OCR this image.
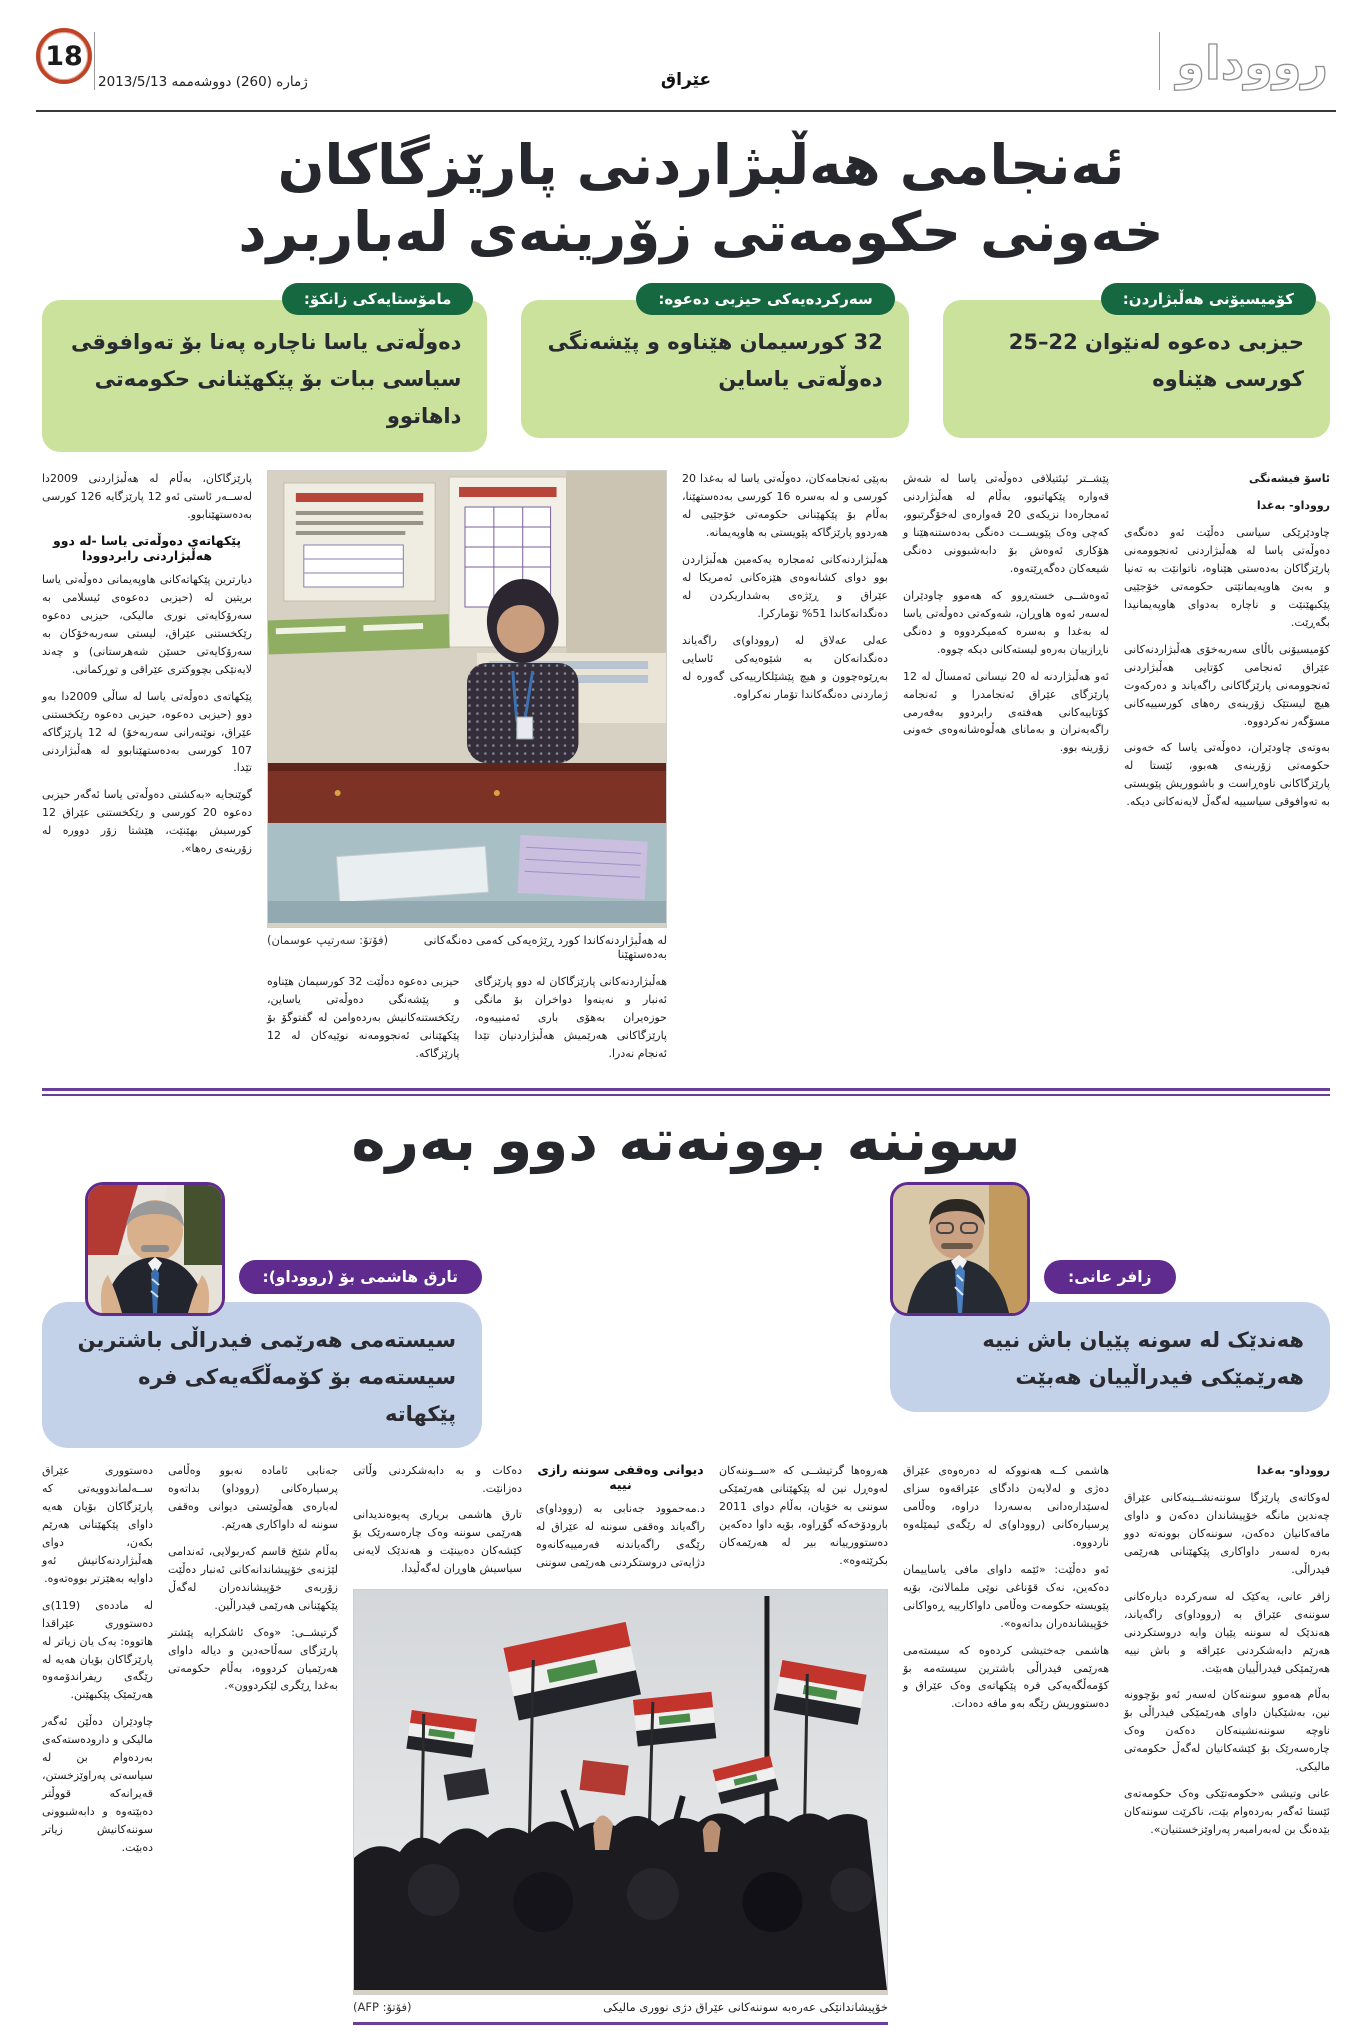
18
ژماره (260) دووشه‌ممه 2013/5/13	عێراق	رووداو
ئه‌نجامی هه‌ڵبژاردنی پارێزگاکان
خه‌ونی حکومه‌تی زۆرینه‌ی له‌باربرد
کۆمیسیۆنی هه‌ڵبژاردن:
حیزبی ده‌عوه له‌نێوان 22–25 کورسی هێناوه
سه‌رکرده‌یه‌کی حیزبی ده‌عوه:
32 کورسیمان هێناوه و پێشه‌نگی ده‌وڵه‌تی یاساین
مامۆستایه‌کی زانکۆ:
ده‌وڵه‌تی یاسا ناچاره په‌نا بۆ ته‌وافوقی سیاسی ببات بۆ پێکهێنانی حکومه‌تی داهاتوو

ئاسۆ فیشه‌نگی

رووداو- به‌غدا

چاودێرێکی سیاسی ده‌ڵێت ئه‌و ده‌نگه‌ی ده‌وڵه‌تی یاسا له هه‌ڵبژاردنی ئه‌نجوومه‌نی پارێزگاکان به‌ده‌ستی هێناوه، ناتوانێت به ته‌نیا و به‌بێ هاوپه‌یمانێتی حکومه‌تی خۆجێیی پێکبهێنێت و ناچاره به‌دوای هاوپه‌یمانیدا بگه‌ڕێت.

کۆمیسیۆنی باڵای سه‌ربه‌خۆی هه‌ڵبژاردنه‌کانی عێراق ئه‌نجامی کۆتایی هه‌ڵبژاردنی ئه‌نجوومه‌نی پارێزگاکانی راگه‌یاند و ده‌رکه‌وت هیچ لیستێک زۆرینه‌ی ره‌های کورسییه‌کانی مسۆگه‌ر نه‌کردووه.

به‌وته‌ی چاودێران، ده‌وڵه‌تی یاسا که خه‌ونی حکومه‌تی زۆرینه‌ی هه‌بوو، ئێستا له پارێزگاکانی ناوه‌ڕاست و باشووریش پێویستی به ته‌وافوقی سیاسییه له‌گه‌ڵ لایه‌نه‌کانی دیکه.

پێشــتر ئیئتیلافی ده‌وڵه‌تی یاسا له شه‌ش قه‌واره پێکهاتبوو، به‌ڵام له هه‌ڵبژاردنی ئه‌مجاره‌دا نزیکه‌ی 20 قه‌واره‌ی له‌خۆگرتبوو، که‌چی وه‌ک پێویســت ده‌نگی به‌ده‌ستنه‌هێنا و هۆکاری ئه‌وه‌ش بۆ دابه‌شبوونی ده‌نگی شیعه‌کان ده‌گه‌ڕێته‌وه.

ئه‌وه‌شــی خسته‌ڕوو که هه‌موو چاودێران له‌سه‌ر ئه‌وه هاوڕان، شه‌وکه‌تی ده‌وڵه‌تی یاسا له به‌غدا و به‌سره که‌میکردووه و ده‌نگی ناڕازییان به‌ره‌و لیسته‌کانی دیکه چووه.

ئه‌و هه‌ڵبژاردنه له 20 نیسانی ئه‌مساڵ له 12 پارێزگای عێراق ئه‌نجامدرا و ئه‌نجامه کۆتاییه‌کانی هه‌فته‌ی رابردوو به‌فه‌رمی راگه‌یه‌نران و به‌مانای هه‌ڵوه‌شانه‌وه‌ی خه‌ونی زۆرینه بوو.

به‌پێی ئه‌نجامه‌کان، ده‌وڵه‌تی یاسا له به‌غدا 20 کورسی و له به‌سره 16 کورسی به‌ده‌ستهێنا، به‌ڵام بۆ پێکهێنانی حکومه‌تی خۆجێیی له هه‌ردوو پارێزگاکه پێویستی به هاوپه‌یمانه.

هه‌ڵبژاردنه‌کانی ئه‌مجاره یه‌که‌مین هه‌ڵبژاردن بوو دوای کشانه‌وه‌ی هێزه‌کانی ئه‌مریکا له عێراق و ڕێژه‌ی به‌شداریکردن له ده‌نگدانه‌کاندا 51% تۆمارکرا.

عه‌لی عه‌لاق له (رووداو)ی راگه‌یاند ده‌نگدانه‌کان به شێوه‌یه‌کی ئاسایی به‌ڕێوه‌چوون و هیچ پێشێلکارییه‌کی گه‌وره له ژماردنی ده‌نگه‌کاندا تۆمار نه‌کراوه.

له هه‌ڵبژاردنه‌کاندا کورد ڕێژه‌یه‌کی که‌می ده‌نگه‌کانی به‌ده‌ستهێنا
(فۆتۆ: سه‌رتیپ عوسمان)

هه‌ڵبژاردنه‌کانی پارێزگاکان له دوو پارێزگای ئه‌نبار و نه‌ینه‌وا دواخران بۆ مانگی حوزه‌یران به‌هۆی باری ئه‌منییه‌وه، پارێزگاکانی هه‌رێمیش هه‌ڵبژاردنیان تێدا ئه‌نجام نه‌درا.

حیزبی ده‌عوه ده‌ڵێت 32 کورسیمان هێناوه و پێشه‌نگی ده‌وڵه‌تی یاساین، رێکخستنه‌کانیش به‌رده‌وامن له گفتوگۆ بۆ پێکهێنانی ئه‌نجوومه‌نه نوێیه‌کان له 12 پارێزگاکه.

پارێزگاکان، به‌ڵام له هه‌ڵبژاردنی 2009دا له‌ســه‌ر ئاستی ئه‌و 12 پارێزگایه 126 کورسی به‌ده‌ستهێنابوو.

پێکهاته‌ی ده‌وڵه‌تی یاسا -له دوو هه‌ڵبژاردنی رابردوودا

دیارترین پێکهاته‌کانی هاوپه‌یمانی ده‌وڵه‌تی یاسا بریتین له (حیزبی ده‌عوه‌ی ئیسلامی به سه‌رۆکایه‌تی نوری مالیکی، حیزبی ده‌عوه رێکخستنی عێراق، لیستی سه‌ربه‌خۆکان به سه‌رۆکایه‌تی حسێن شه‌هرستانی) و چه‌ند لایه‌نێکی بچووکتری عێراقی و توڕکمانی.

پێکهاته‌ی ده‌وڵه‌تی یاسا له ساڵی 2009دا به‌و دوو (حیزبی ده‌عوه، حیزبی ده‌عوه رێکخستنی عێراق، نوێنه‌رانی سه‌ربه‌خۆ) له 12 پارێزگاکه 107 کورسی به‌ده‌ستهێنابوو له هه‌ڵبژاردنی تێدا.

گوێنجایه «به‌کشتی ده‌وڵه‌تی یاسا ئه‌گه‌ر حیزبی ده‌عوه 20 کورسی و رێکخستنی عێراق 12 کورسیش بهێنێت، هێشتا زۆر دووره له زۆرینه‌ی ره‌ها».

سوننه بوونه‌ته دوو به‌ره
زافر عانی:
هه‌ندێک له سونه پێیان باش نییه هه‌رێمێکی فیدراڵییان هه‌بێت
تارق هاشمی بۆ (رووداو):
سیسته‌می هه‌رێمی فیدراڵی باشترین سیسته‌مه بۆ کۆمه‌ڵگه‌یه‌کی فره پێکهاته

رووداو- به‌غدا

له‌وکاته‌ی پارێزگا سوننه‌نشــینه‌کانی عێراق چه‌ندین مانگه خۆپیشاندان ده‌که‌ن و داوای مافه‌کانیان ده‌که‌ن، سوننه‌کان بوونه‌ته دوو به‌ره له‌سه‌ر داواکاری پێکهێنانی هه‌رێمی فیدراڵی.

زافر عانی، یه‌کێک له سه‌رکرده دیاره‌کانی سوننه‌ی عێراق به (رووداو)ی راگه‌یاند، هه‌ندێک له سوننه پێیان وایه دروستکردنی هه‌رێم دابه‌شکردنی عێراقه و باش نییه هه‌رێمێکی فیدراڵییان هه‌بێت.

به‌ڵام هه‌موو سوننه‌کان له‌سه‌ر ئه‌و بۆچوونه نین، به‌شێکیان داوای هه‌رێمێکی فیدراڵی بۆ ناوچه سوننه‌نشینه‌کان ده‌که‌ن وه‌ک چاره‌سه‌رێک بۆ کێشه‌کانیان له‌گه‌ڵ حکومه‌تی مالیکی.

عانی وتیشی «حکومه‌تێکی وه‌ک حکومه‌ته‌ی ئێستا ئه‌گه‌ر به‌رده‌وام بێت، ناکرێت سوننه‌کان بێده‌نگ بن له‌به‌رامبه‌ر په‌راوێزخستنیان».

هاشمی کــه هه‌نووکه له ده‌ره‌وه‌ی عێراق ده‌ژی و له‌لایه‌ن دادگای عێراقه‌وه سزای له‌سێداره‌دانی به‌سه‌ردا دراوه، وه‌ڵامی پرسیاره‌کانی (رووداو)ی له رێگه‌ی ئیمێله‌وه ناردووه.

ئه‌و ده‌ڵێت: «ئێمه داوای مافی یاساییمان ده‌که‌ین، نه‌ک قۆناغی نوێی ملمالانێ، بۆیه پێویسته حکومه‌ت وه‌ڵامی داواکارییه ڕه‌واکانی خۆپیشاندەران بداته‌وه».

هاشمی جه‌ختیشی کرده‌وه که سیسته‌می هه‌رێمی فیدراڵی باشترین سیسته‌مه بۆ کۆمه‌ڵگه‌یه‌کی فره پێکهاته‌ی وه‌ک عێراق و ده‌ستووریش رێگه به‌و مافه ده‌دات.

هه‌روه‌ها گرتیشــی که «ســوننه‌کان له‌وه‌ڕل نین له پێکهێنانی هه‌رێمێکی سوننی به خۆیان، به‌ڵام دوای 2011 بارودۆخه‌که گۆڕاوه، بۆیه داوا ده‌که‌ین ده‌ستوورییانه بیر له هه‌رێمه‌کان بکرێته‌وه».

دیوانی وه‌قفی سوننه رازی نییه

د.مه‌حموود جه‌نابی به (رووداو)ی راگه‌یاند وه‌قفی سوننه له عێراق له رێگه‌ی راگه‌یاندنه فه‌رمییه‌کانه‌وه دژایه‌تی دروستکردنی هه‌رێمی سوننی ده‌کات و به دابه‌شکردنی وڵاتی ده‌زانێت.

تارق هاشمی بریاری په‌یوه‌ندیدانی هه‌رێمی سوننه وه‌ک چاره‌سه‌رێک بۆ کێشه‌کان ده‌بینێت و هه‌ندێک لایه‌نی سیاسیش هاوڕان له‌گه‌ڵیدا.

خۆپیشاندانێکی عه‌ره‌به سوننه‌کانی عێراق دژی نووری مالیکی
(فۆتۆ: AFP)

جه‌نابی ئاماده نه‌بوو وه‌ڵامی پرسیاره‌کانی (رووداو) بداته‌وه له‌باره‌ی هه‌ڵوێستی دیوانی وه‌قفی سوننه له داواکاری هه‌رێم.

به‌ڵام شێخ قاسم که‌ربولایی، ئه‌ندامی لێژنه‌ی خۆپیشاندانه‌کانی ئه‌نبار ده‌ڵێت زۆربه‌ی خۆپیشاندەران له‌گه‌ڵ پێکهێنانی هه‌رێمی فیدراڵین.

گرتیشــی: «وه‌ک ئاشکرایه پێشتر پارێزگای سه‌ڵاحه‌دین و دیاله داوای هه‌رێمیان کردووه، به‌ڵام حکومه‌تی به‌غدا ڕێگری لێکردوون».

ده‌ستووری عێراق ســه‌لماندوویه‌تی که پارێزگاکان بۆیان هه‌یه داوای پێکهێنانی هه‌رێم بکه‌ن، دوای هه‌ڵبژاردنه‌کانیش ئه‌و داوایه به‌هێزتر بووه‌ته‌وه.

له مادده‌ی (119)ی ده‌ستووری عێراقدا هاتووه: یه‌ک یان زیاتر له پارێزگاکان بۆیان هه‌یه له رێگه‌ی ریفراندۆمه‌وه هه‌رێمێک پێکبهێنن.

چاودێران ده‌ڵێن ئه‌گه‌ر مالیکی و دارودەسته‌که‌ی به‌رده‌وام بن له سیاسه‌تی په‌راوێزخستن، قه‌یرانه‌که قووڵتر ده‌بێته‌وه و دابه‌شبوونی سوننه‌کانیش زیاتر ده‌بێت.
